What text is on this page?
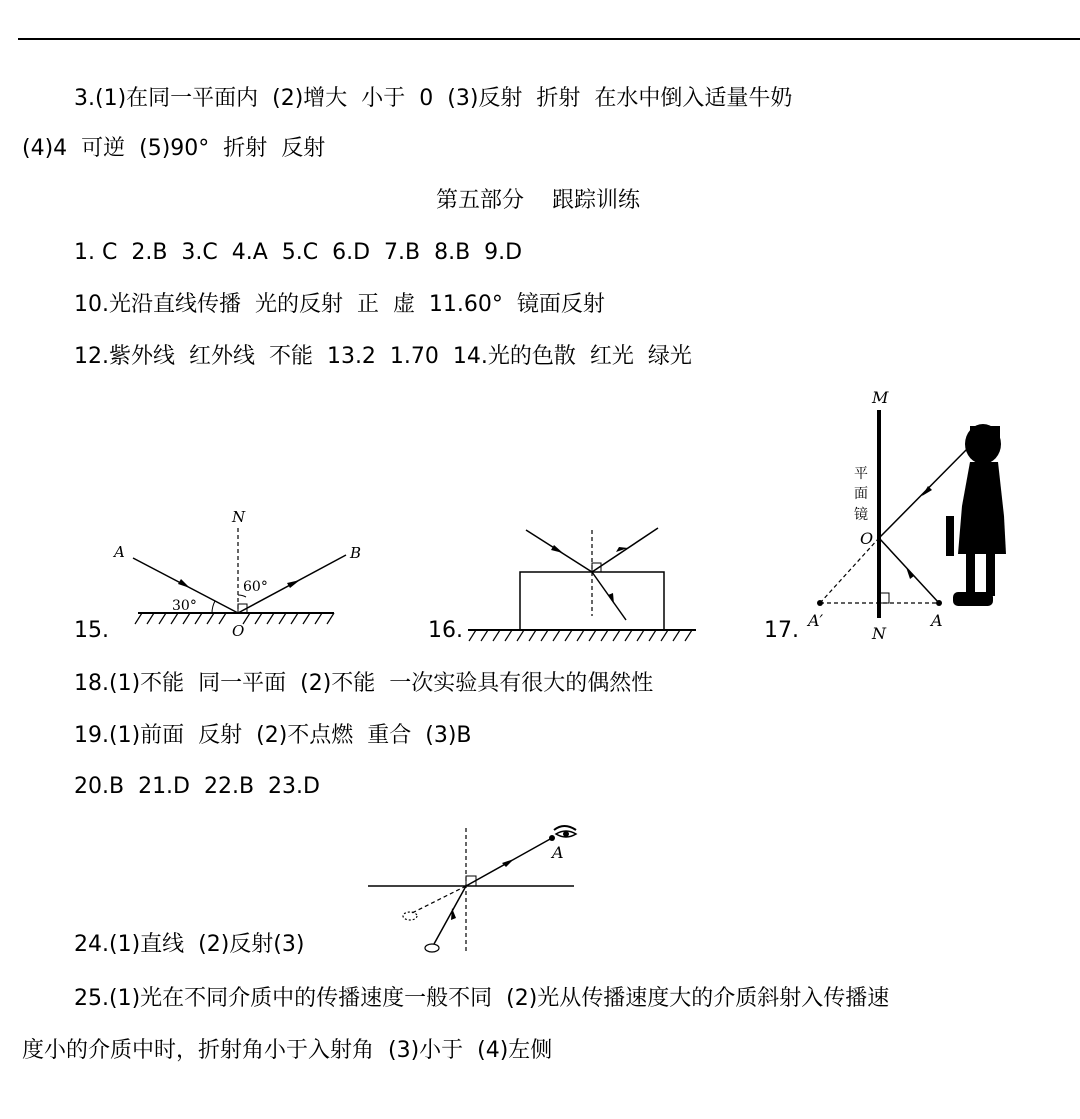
3.(1)在同一平面内  (2)增大  小于  0  (3)反射  折射  在水中倒入适量牛奶
(4)4  可逆  (5)90°  折射  反射
第五部分    跟踪训练
1. C  2.B  3.C  4.A  5.C  6.D  7.B  8.B  9.D
10.光沿直线传播  光的反射  正  虚  11.60°  镜面反射
12.紫外线  红外线  不能  13.2  1.70  14.光的色散  红光  绿光
15.	16.	17.
N
A	B
O
30°
60°
M
N
平
面
镜
O
A′	A
18.(1)不能  同一平面  (2)不能  一次实验具有很大的偶然性
19.(1)前面  反射  (2)不点燃  重合  (3)B
20.B  21.D  22.B  23.D
A
24.(1)直线  (2)反射(3)
25.(1)光在不同介质中的传播速度一般不同  (2)光从传播速度大的介质斜射入传播速
度小的介质中时，折射角小于入射角  (3)小于  (4)左侧
